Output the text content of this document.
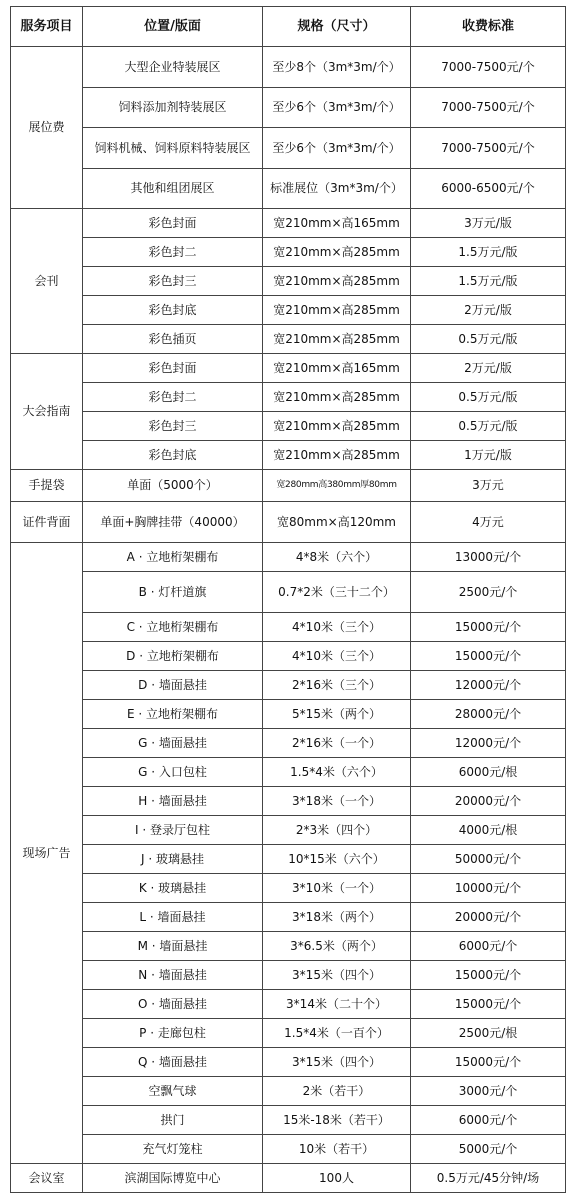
服务项目	位置/版面	规格（尺寸）	收费标准
展位费	大型企业特装展区	至少8个（3m*3m/个）	7000-7500元/个
	饲料添加剂特装展区	至少6个（3m*3m/个）	7000-7500元/个
	饲料机械、饲料原料特装展区	至少6个（3m*3m/个）	7000-7500元/个
	其他和组团展区	标准展位（3m*3m/个）	6000-6500元/个
会刊	彩色封面	宽210mm×高165mm	3万元/版
	彩色封二	宽210mm×高285mm	1.5万元/版
	彩色封三	宽210mm×高285mm	1.5万元/版
	彩色封底	宽210mm×高285mm	2万元/版
	彩色插页	宽210mm×高285mm	0.5万元/版
大会指南	彩色封面	宽210mm×高165mm	2万元/版
	彩色封二	宽210mm×高285mm	0.5万元/版
	彩色封三	宽210mm×高285mm	0.5万元/版
	彩色封底	宽210mm×高285mm	1万元/版
手提袋	单面（5000个）	宽280mm高380mm厚80mm	3万元
证件背面	单面+胸牌挂带（40000）	宽80mm×高120mm	4万元
现场广告	A · 立地桁架棚布	4*8米（六个）	13000元/个
	B · 灯杆道旗	0.7*2米（三十二个）	2500元/个
	C · 立地桁架棚布	4*10米（三个）	15000元/个
	D · 立地桁架棚布	4*10米（三个）	15000元/个
	D · 墙面悬挂	2*16米（三个）	12000元/个
	E · 立地桁架棚布	5*15米（两个）	28000元/个
	G · 墙面悬挂	2*16米（一个）	12000元/个
	G · 入口包柱	1.5*4米（六个）	6000元/根
	H · 墙面悬挂	3*18米（一个）	20000元/个
	I · 登录厅包柱	2*3米（四个）	4000元/根
	J · 玻璃悬挂	10*15米（六个）	50000元/个
	K · 玻璃悬挂	3*10米（一个）	10000元/个
	L · 墙面悬挂	3*18米（两个）	20000元/个
	M · 墙面悬挂	3*6.5米（两个）	6000元/个
	N · 墙面悬挂	3*15米（四个）	15000元/个
	O · 墙面悬挂	3*14米（二十个）	15000元/个
	P · 走廊包柱	1.5*4米（一百个）	2500元/根
	Q · 墙面悬挂	3*15米（四个）	15000元/个
	空飘气球	2米（若干）	3000元/个
	拱门	15米-18米（若干）	6000元/个
	充气灯笼柱	10米（若干）	5000元/个
会议室	滨湖国际博览中心	100人	0.5万元/45分钟/场
